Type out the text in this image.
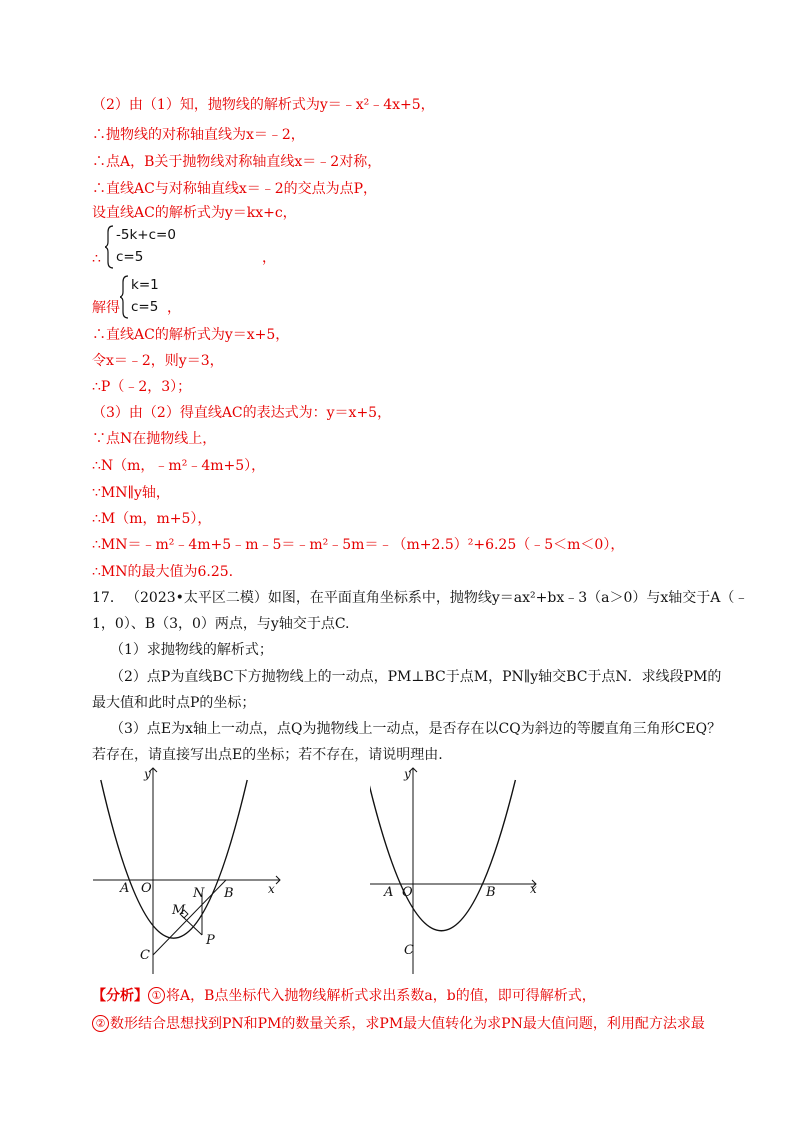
（2）由（1）知，抛物线的解析式为y＝﹣x²﹣4x+5，
∴抛物线的对称轴直线为x＝﹣2，
∴点A，B关于抛物线对称轴直线x＝﹣2对称，
∴直线AC与对称轴直线x＝﹣2的交点为点P，
设直线AC的解析式为y＝kx+c，
∴
-5k+c=0
c=5	，
解得
k=1
c=5 ，
∴直线AC的解析式为y＝x+5，
令x＝﹣2，则y＝3，
∴P（﹣2，3）；
（3）由（2）得直线AC的表达式为：y＝x+5，
∵点N在抛物线上，
∴N（m，﹣m²﹣4m+5），
∵MN∥y轴，
∴M（m，m+5），
∴MN＝﹣m²﹣4m+5﹣m﹣5＝﹣m²﹣5m＝﹣（m+2.5）²+6.25（﹣5＜m＜0），
∴MN的最大值为6.25.
17． （2023•太平区二模）如图，在平面直角坐标系中，抛物线y＝ax²+bx﹣3（a＞0）与x轴交于A（﹣
1，0）、B（3，0）两点，与y轴交于点C.
（1）求抛物线的解析式；
（2）点P为直线BC下方抛物线上的一动点，PM⊥BC于点M，PN∥y轴交BC于点N．求线段PM的
最大值和此时点P的坐标；
（3）点E为x轴上一动点，点Q为抛物线上一动点，是否存在以CQ为斜边的等腰直角三角形CEQ？
若存在，请直接写出点E的坐标；若不存在，请说明理由.
y
x
A O	B
C
N
M
P
y
x
A O	B
C
【分析】 ① 将A，B点坐标代入抛物线解析式求出系数a，b的值，即可得解析式，
② 数形结合思想找到PN和PM的数量关系，求PM最大值转化为求PN最大值问题，利用配方法求最
